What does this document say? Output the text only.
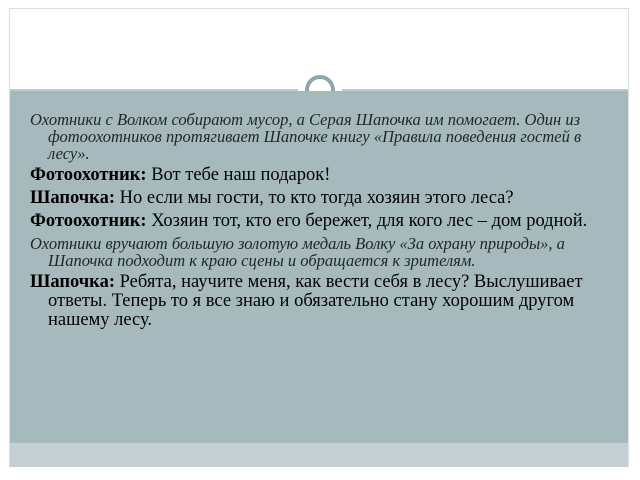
Охотники с Волком собирают мусор, а Серая Шапочка им помогает. Один из фотоохотников протягивает Шапочке книгу «Правила поведения гостей в лесу».

Фотоохотник: Вот тебе наш подарок!

Шапочка: Но если мы гости, то кто тогда хозяин этого леса?

Фотоохотник: Хозяин тот, кто его бережет, для кого лес – дом родной.

Охотники вручают большую золотую медаль Волку «За охрану природы», а Шапочка подходит к краю сцены и обращается к зрителям.

Шапочка: Ребята, научите меня, как вести себя в лесу? Выслушивает ответы. Теперь то я все знаю и обязательно стану хорошим другом нашему лесу.
